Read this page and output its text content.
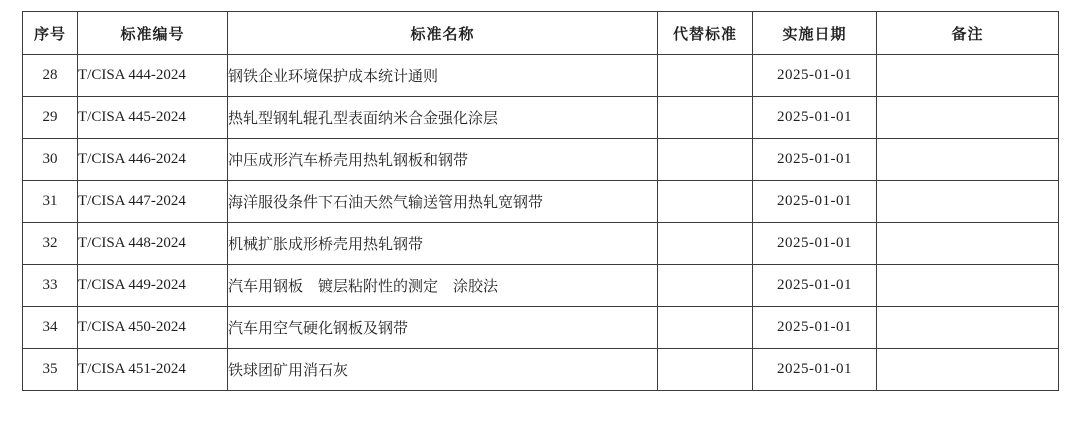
序号	标准编号	标准名称	代替标准	实施日期	备注
28	T/CISA 444-2024	钢铁企业环境保护成本统计通则		2025-01-01	
29	T/CISA 445-2024	热轧型钢轧辊孔型表面纳米合金强化涂层		2025-01-01	
30	T/CISA 446-2024	冲压成形汽车桥壳用热轧钢板和钢带		2025-01-01	
31	T/CISA 447-2024	海洋服役条件下石油天然气输送管用热轧宽钢带		2025-01-01	
32	T/CISA 448-2024	机械扩胀成形桥壳用热轧钢带		2025-01-01	
33	T/CISA 449-2024	汽车用钢板　镀层粘附性的测定　涂胶法		2025-01-01	
34	T/CISA 450-2024	汽车用空气硬化钢板及钢带		2025-01-01	
35	T/CISA 451-2024	铁球团矿用消石灰		2025-01-01	
